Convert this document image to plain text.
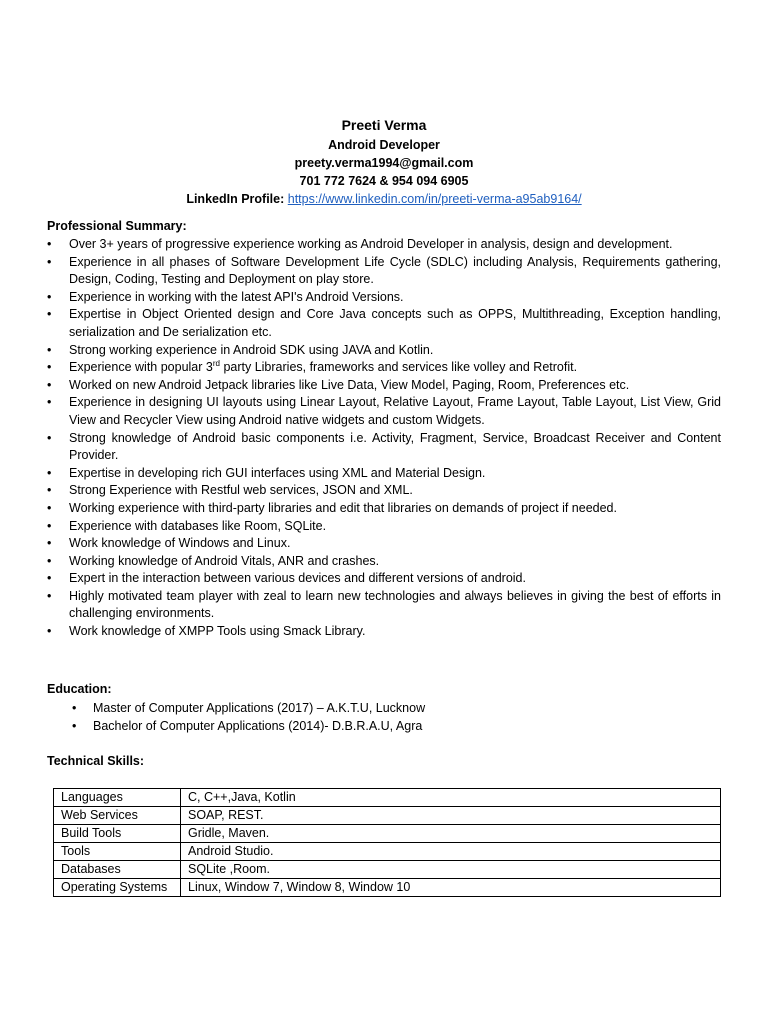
Preeti Verma
Android Developer
preety.verma1994@gmail.com
701 772 7624 & 954 094 6905
LinkedIn Profile: https://www.linkedin.com/in/preeti-verma-a95ab9164/
Professional Summary:
•	Over 3+ years of progressive experience working as Android Developer in analysis, design and development.
•	Experience in all phases of Software Development Life Cycle (SDLC) including Analysis, Requirements gathering, Design, Coding, Testing and Deployment on play store.
•	Experience in working with the latest API's Android Versions.
•	Expertise in Object Oriented design and Core Java concepts such as OPPS, Multithreading, Exception handling, serialization and De serialization etc.
•	Strong working experience in Android SDK using JAVA and Kotlin.
•	Experience with popular 3rd party Libraries, frameworks and services like volley and Retrofit.
•	Worked on new Android Jetpack libraries like Live Data, View Model, Paging, Room, Preferences etc.
•	Experience in designing UI layouts using Linear Layout, Relative Layout, Frame Layout, Table Layout, List View, Grid View and Recycler View using Android native widgets and custom Widgets.
•	Strong knowledge of Android basic components i.e. Activity, Fragment, Service, Broadcast Receiver and Content Provider.
•	Expertise in developing rich GUI interfaces using XML and Material Design.
•	Strong Experience with Restful web services, JSON and XML.
•	Working experience with third-party libraries and edit that libraries on demands of project if needed.
•	Experience with databases like Room, SQLite.
•	Work knowledge of Windows and Linux.
•	Working knowledge of Android Vitals, ANR and crashes.
•	Expert in the interaction between various devices and different versions of android.
•	Highly motivated team player with zeal to learn new technologies and always believes in giving the best of efforts in challenging environments.
•	Work knowledge of XMPP Tools using Smack Library.
Education:
• Master of Computer Applications (2017) – A.K.T.U, Lucknow
• Bachelor of Computer Applications (2014)- D.B.R.A.U, Agra
Technical Skills:
Languages	C, C++,Java, Kotlin
Web Services	SOAP, REST.
Build Tools	Gridle, Maven.
Tools	Android Studio.
Databases	SQLite ,Room.
Operating Systems	Linux, Window 7, Window 8, Window 10
